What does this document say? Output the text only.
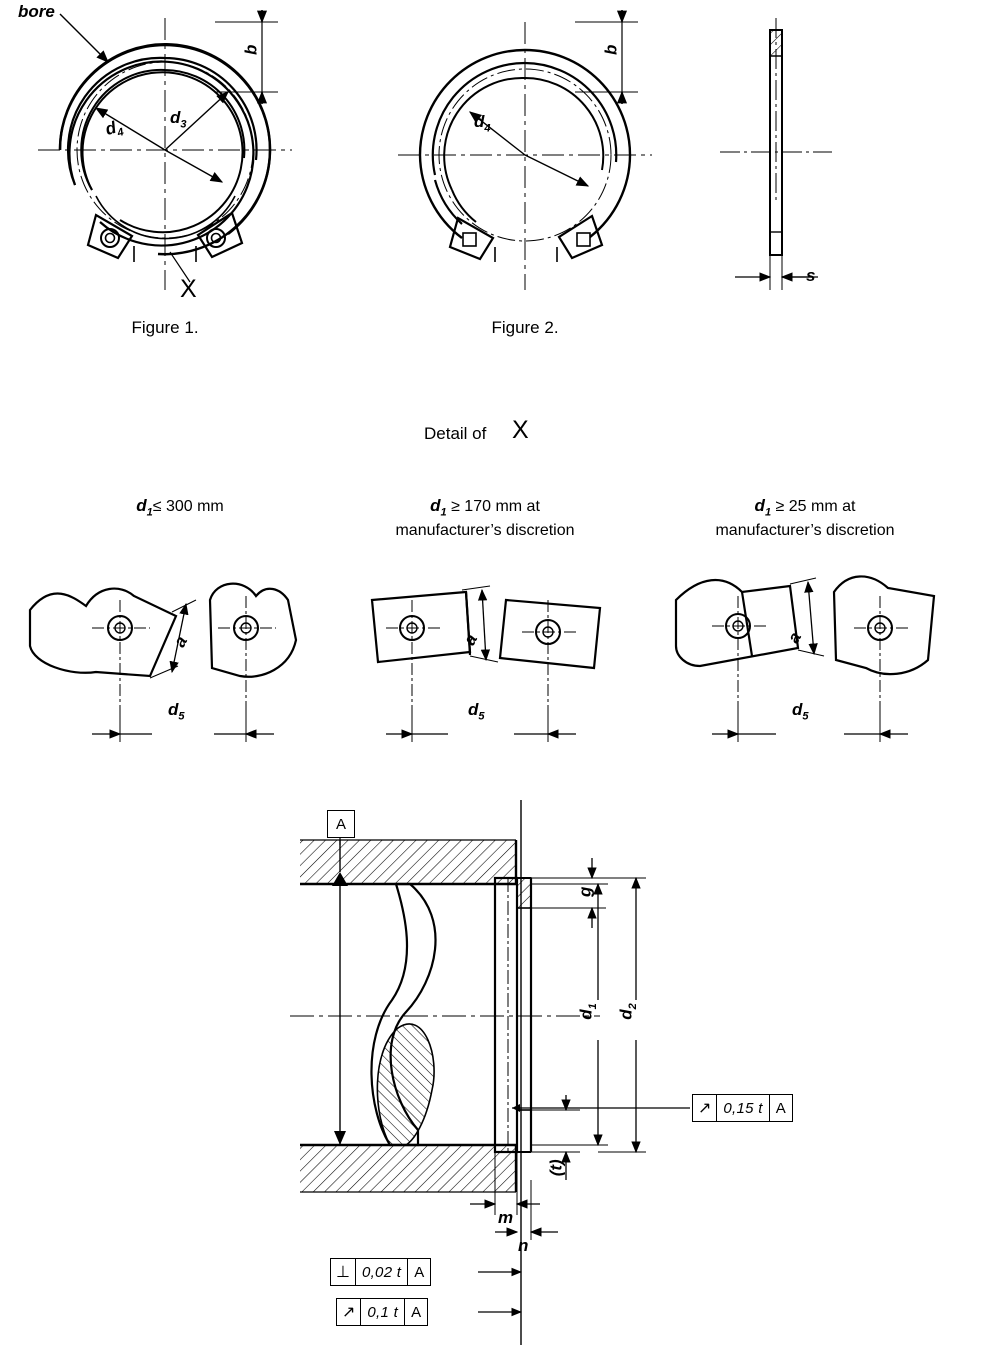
bore
b
$d_3$
$d_4$
X
Figure 1.
b
$d_4$
Figure 2.
s
Detail of X
$d_1\le 300$ mm	$d_1 \ge 170$ mm at
manufacturer’s discretion
$d_1 \ge 25$ mm at
manufacturer’s discretion
a
$d_5$
a
$d_5$
a
$d_5$
A
g
$d_1$
$d_2$
(t)
m
n
↗ 0,15 t A
⊥ 0,02 t A
↗ 0,1 t A
